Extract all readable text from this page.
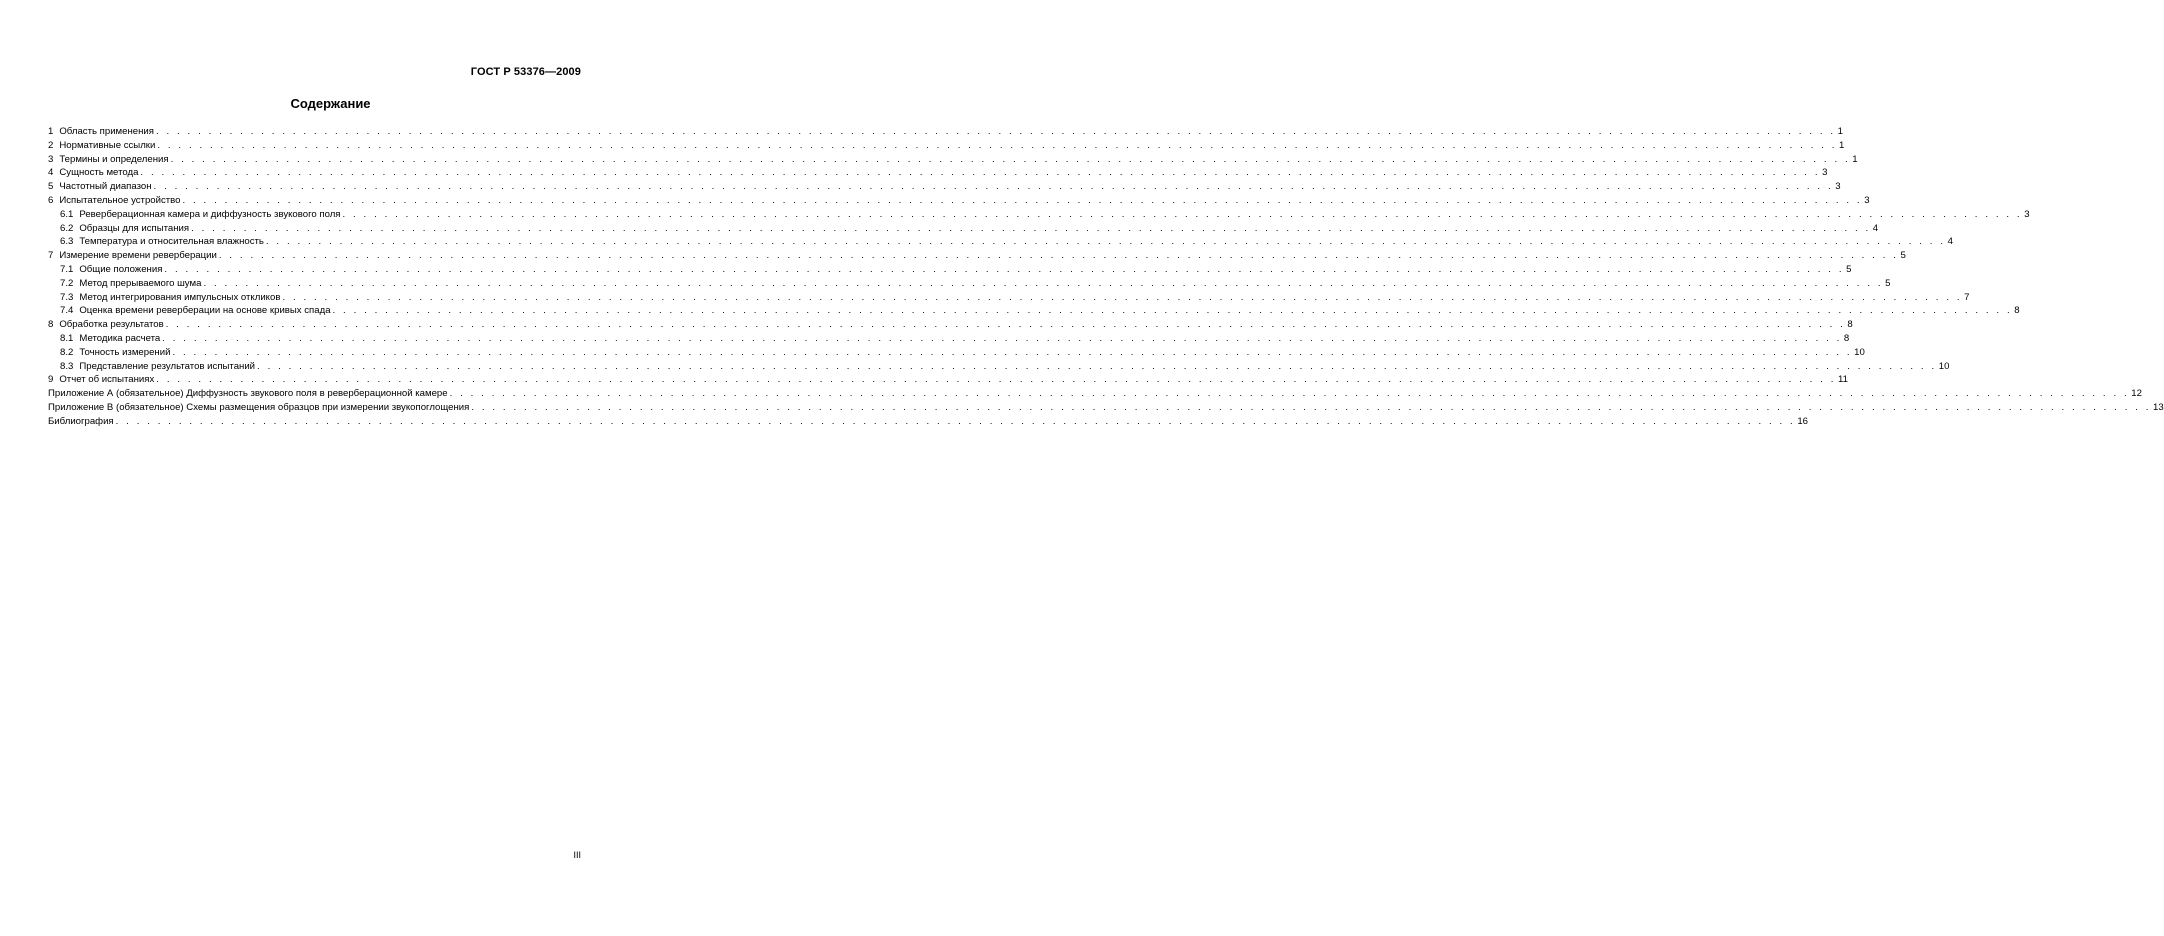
ГОСТ Р 53376—2009
Содержание
1 Область применения . . . . . . . . . . . . . . . . . . . . . . . . . . . . . . . . . . . . . . . . . . . . . . . . . . . . . . . . . . . . . . . . . . . . . . . . . . . . . . . . . . . . . . . . . . . . . . . . . . . . . . . . . . . . . . . . . . . . . . . . . . . . . . . . . . . . . . . . . . . . . . . . . . . . . . . . . . . . . . . . 1
2 Нормативные ссылки . . . . . . . . . . . . . . . . . . . . . . . . . . . . . . . . . . . . . . . . . . . . . . . . . . . . . . . . . . . . . . . . . . . . . . . . . . . . . . . . . . . . . . . . . . . . . . . . . . . . . . . . . . . . . . . . . . . . . . . . . . . . . . . . . . . . . . . . . . . . . . . . . . . . . . . . . . . . . . . . 1
3 Термины и определения . . . . . . . . . . . . . . . . . . . . . . . . . . . . . . . . . . . . . . . . . . . . . . . . . . . . . . . . . . . . . . . . . . . . . . . . . . . . . . . . . . . . . . . . . . . . . . . . . . . . . . . . . . . . . . . . . . . . . . . . . . . . . . . . . . . . . . . . . . . . . . . . . . . . . . . . . . . . . . . . 1
4 Сущность метода . . . . . . . . . . . . . . . . . . . . . . . . . . . . . . . . . . . . . . . . . . . . . . . . . . . . . . . . . . . . . . . . . . . . . . . . . . . . . . . . . . . . . . . . . . . . . . . . . . . . . . . . . . . . . . . . . . . . . . . . . . . . . . . . . . . . . . . . . . . . . . . . . . . . . . . . . . . . . . . . 3
5 Частотный диапазон . . . . . . . . . . . . . . . . . . . . . . . . . . . . . . . . . . . . . . . . . . . . . . . . . . . . . . . . . . . . . . . . . . . . . . . . . . . . . . . . . . . . . . . . . . . . . . . . . . . . . . . . . . . . . . . . . . . . . . . . . . . . . . . . . . . . . . . . . . . . . . . . . . . . . . . . . . . . . . . . 3
6 Испытательное устройство . . . . . . . . . . . . . . . . . . . . . . . . . . . . . . . . . . . . . . . . . . . . . . . . . . . . . . . . . . . . . . . . . . . . . . . . . . . . . . . . . . . . . . . . . . . . . . . . . . . . . . . . . . . . . . . . . . . . . . . . . . . . . . . . . . . . . . . . . . . . . . . . . . . . . . . . . . . . . . . . 3
6.1 Реверберационная камера и диффузность звукового поля . . . . . . . . . . . . . . . . . . . . . . . . . . . . . . . . . . . . . . . . . . . . . . . . . . . . . . . . . . . . . . . . . . . . . . . . . . . . . . . . . . . . . . . . . . . . . . . . . . . . . . . . . . . . . . . . . . . . . . . . . . . . . . . . . . . . . . . . . . . . . . . . . . . . . . . . . . . . . . . . 3
6.2 Образцы для испытания . . . . . . . . . . . . . . . . . . . . . . . . . . . . . . . . . . . . . . . . . . . . . . . . . . . . . . . . . . . . . . . . . . . . . . . . . . . . . . . . . . . . . . . . . . . . . . . . . . . . . . . . . . . . . . . . . . . . . . . . . . . . . . . . . . . . . . . . . . . . . . . . . . . . . . . . . . . . . . . . 4
6.3 Температура и относительная влажность . . . . . . . . . . . . . . . . . . . . . . . . . . . . . . . . . . . . . . . . . . . . . . . . . . . . . . . . . . . . . . . . . . . . . . . . . . . . . . . . . . . . . . . . . . . . . . . . . . . . . . . . . . . . . . . . . . . . . . . . . . . . . . . . . . . . . . . . . . . . . . . . . . . . . . . . . . . . . . . . 4
7 Измерение времени реверберации . . . . . . . . . . . . . . . . . . . . . . . . . . . . . . . . . . . . . . . . . . . . . . . . . . . . . . . . . . . . . . . . . . . . . . . . . . . . . . . . . . . . . . . . . . . . . . . . . . . . . . . . . . . . . . . . . . . . . . . . . . . . . . . . . . . . . . . . . . . . . . . . . . . . . . . . . . . . . . . . 5
7.1 Общие положения . . . . . . . . . . . . . . . . . . . . . . . . . . . . . . . . . . . . . . . . . . . . . . . . . . . . . . . . . . . . . . . . . . . . . . . . . . . . . . . . . . . . . . . . . . . . . . . . . . . . . . . . . . . . . . . . . . . . . . . . . . . . . . . . . . . . . . . . . . . . . . . . . . . . . . . . . . . . . . . . 5
7.2 Метод прерываемого шума . . . . . . . . . . . . . . . . . . . . . . . . . . . . . . . . . . . . . . . . . . . . . . . . . . . . . . . . . . . . . . . . . . . . . . . . . . . . . . . . . . . . . . . . . . . . . . . . . . . . . . . . . . . . . . . . . . . . . . . . . . . . . . . . . . . . . . . . . . . . . . . . . . . . . . . . . . . . . . . . 5
7.3 Метод интегрирования импульсных откликов . . . . . . . . . . . . . . . . . . . . . . . . . . . . . . . . . . . . . . . . . . . . . . . . . . . . . . . . . . . . . . . . . . . . . . . . . . . . . . . . . . . . . . . . . . . . . . . . . . . . . . . . . . . . . . . . . . . . . . . . . . . . . . . . . . . . . . . . . . . . . . . . . . . . . . . . . . . . . . . . 7
7.4 Оценка времени реверберации на основе кривых спада . . . . . . . . . . . . . . . . . . . . . . . . . . . . . . . . . . . . . . . . . . . . . . . . . . . . . . . . . . . . . . . . . . . . . . . . . . . . . . . . . . . . . . . . . . . . . . . . . . . . . . . . . . . . . . . . . . . . . . . . . . . . . . . . . . . . . . . . . . . . . . . . . . . . . . . . . . . . . . . . 8
8 Обработка результатов . . . . . . . . . . . . . . . . . . . . . . . . . . . . . . . . . . . . . . . . . . . . . . . . . . . . . . . . . . . . . . . . . . . . . . . . . . . . . . . . . . . . . . . . . . . . . . . . . . . . . . . . . . . . . . . . . . . . . . . . . . . . . . . . . . . . . . . . . . . . . . . . . . . . . . . . . . . . . . . . 8
8.1 Методика расчета . . . . . . . . . . . . . . . . . . . . . . . . . . . . . . . . . . . . . . . . . . . . . . . . . . . . . . . . . . . . . . . . . . . . . . . . . . . . . . . . . . . . . . . . . . . . . . . . . . . . . . . . . . . . . . . . . . . . . . . . . . . . . . . . . . . . . . . . . . . . . . . . . . . . . . . . . . . . . . . . 8
8.2 Точность измерений . . . . . . . . . . . . . . . . . . . . . . . . . . . . . . . . . . . . . . . . . . . . . . . . . . . . . . . . . . . . . . . . . . . . . . . . . . . . . . . . . . . . . . . . . . . . . . . . . . . . . . . . . . . . . . . . . . . . . . . . . . . . . . . . . . . . . . . . . . . . . . . . . . . . . . . . . . . . . . . . 10
8.3 Представление результатов испытаний . . . . . . . . . . . . . . . . . . . . . . . . . . . . . . . . . . . . . . . . . . . . . . . . . . . . . . . . . . . . . . . . . . . . . . . . . . . . . . . . . . . . . . . . . . . . . . . . . . . . . . . . . . . . . . . . . . . . . . . . . . . . . . . . . . . . . . . . . . . . . . . . . . . . . . . . . . . . . . . . 10
9 Отчет об испытаниях . . . . . . . . . . . . . . . . . . . . . . . . . . . . . . . . . . . . . . . . . . . . . . . . . . . . . . . . . . . . . . . . . . . . . . . . . . . . . . . . . . . . . . . . . . . . . . . . . . . . . . . . . . . . . . . . . . . . . . . . . . . . . . . . . . . . . . . . . . . . . . . . . . . . . . . . . . . . . . . . 11
Приложение А (обязательное) Диффузность звукового поля в реверберационной камере . . . . . . . . . . . . . . . . . . . . . . . . . . . . . . . . . . . . . . . . . . . . . . . . . . . . . . . . . . . . . . . . . . . . . . . . . . . . . . . . . . . . . . . . . . . . . . . . . . . . . . . . . . . . . . . . . . . . . . . . . . . . . . . . . . . . . . . . . . . . . . . . . . . . . . . . . . . . . . . . 12
Приложение В (обязательное) Схемы размещения образцов при измерении звукопоглощения . . . . . . . . . . . . . . . . . . . . . . . . . . . . . . . . . . . . . . . . . . . . . . . . . . . . . . . . . . . . . . . . . . . . . . . . . . . . . . . . . . . . . . . . . . . . . . . . . . . . . . . . . . . . . . . . . . . . . . . . . . . . . . . . . . . . . . . . . . . . . . . . . . . . . . . . . . . . . . . . 13
Библиография . . . . . . . . . . . . . . . . . . . . . . . . . . . . . . . . . . . . . . . . . . . . . . . . . . . . . . . . . . . . . . . . . . . . . . . . . . . . . . . . . . . . . . . . . . . . . . . . . . . . . . . . . . . . . . . . . . . . . . . . . . . . . . . . . . . . . . . . . . . . . . . . . . . . . . . . . . . . . . . . 16
III
